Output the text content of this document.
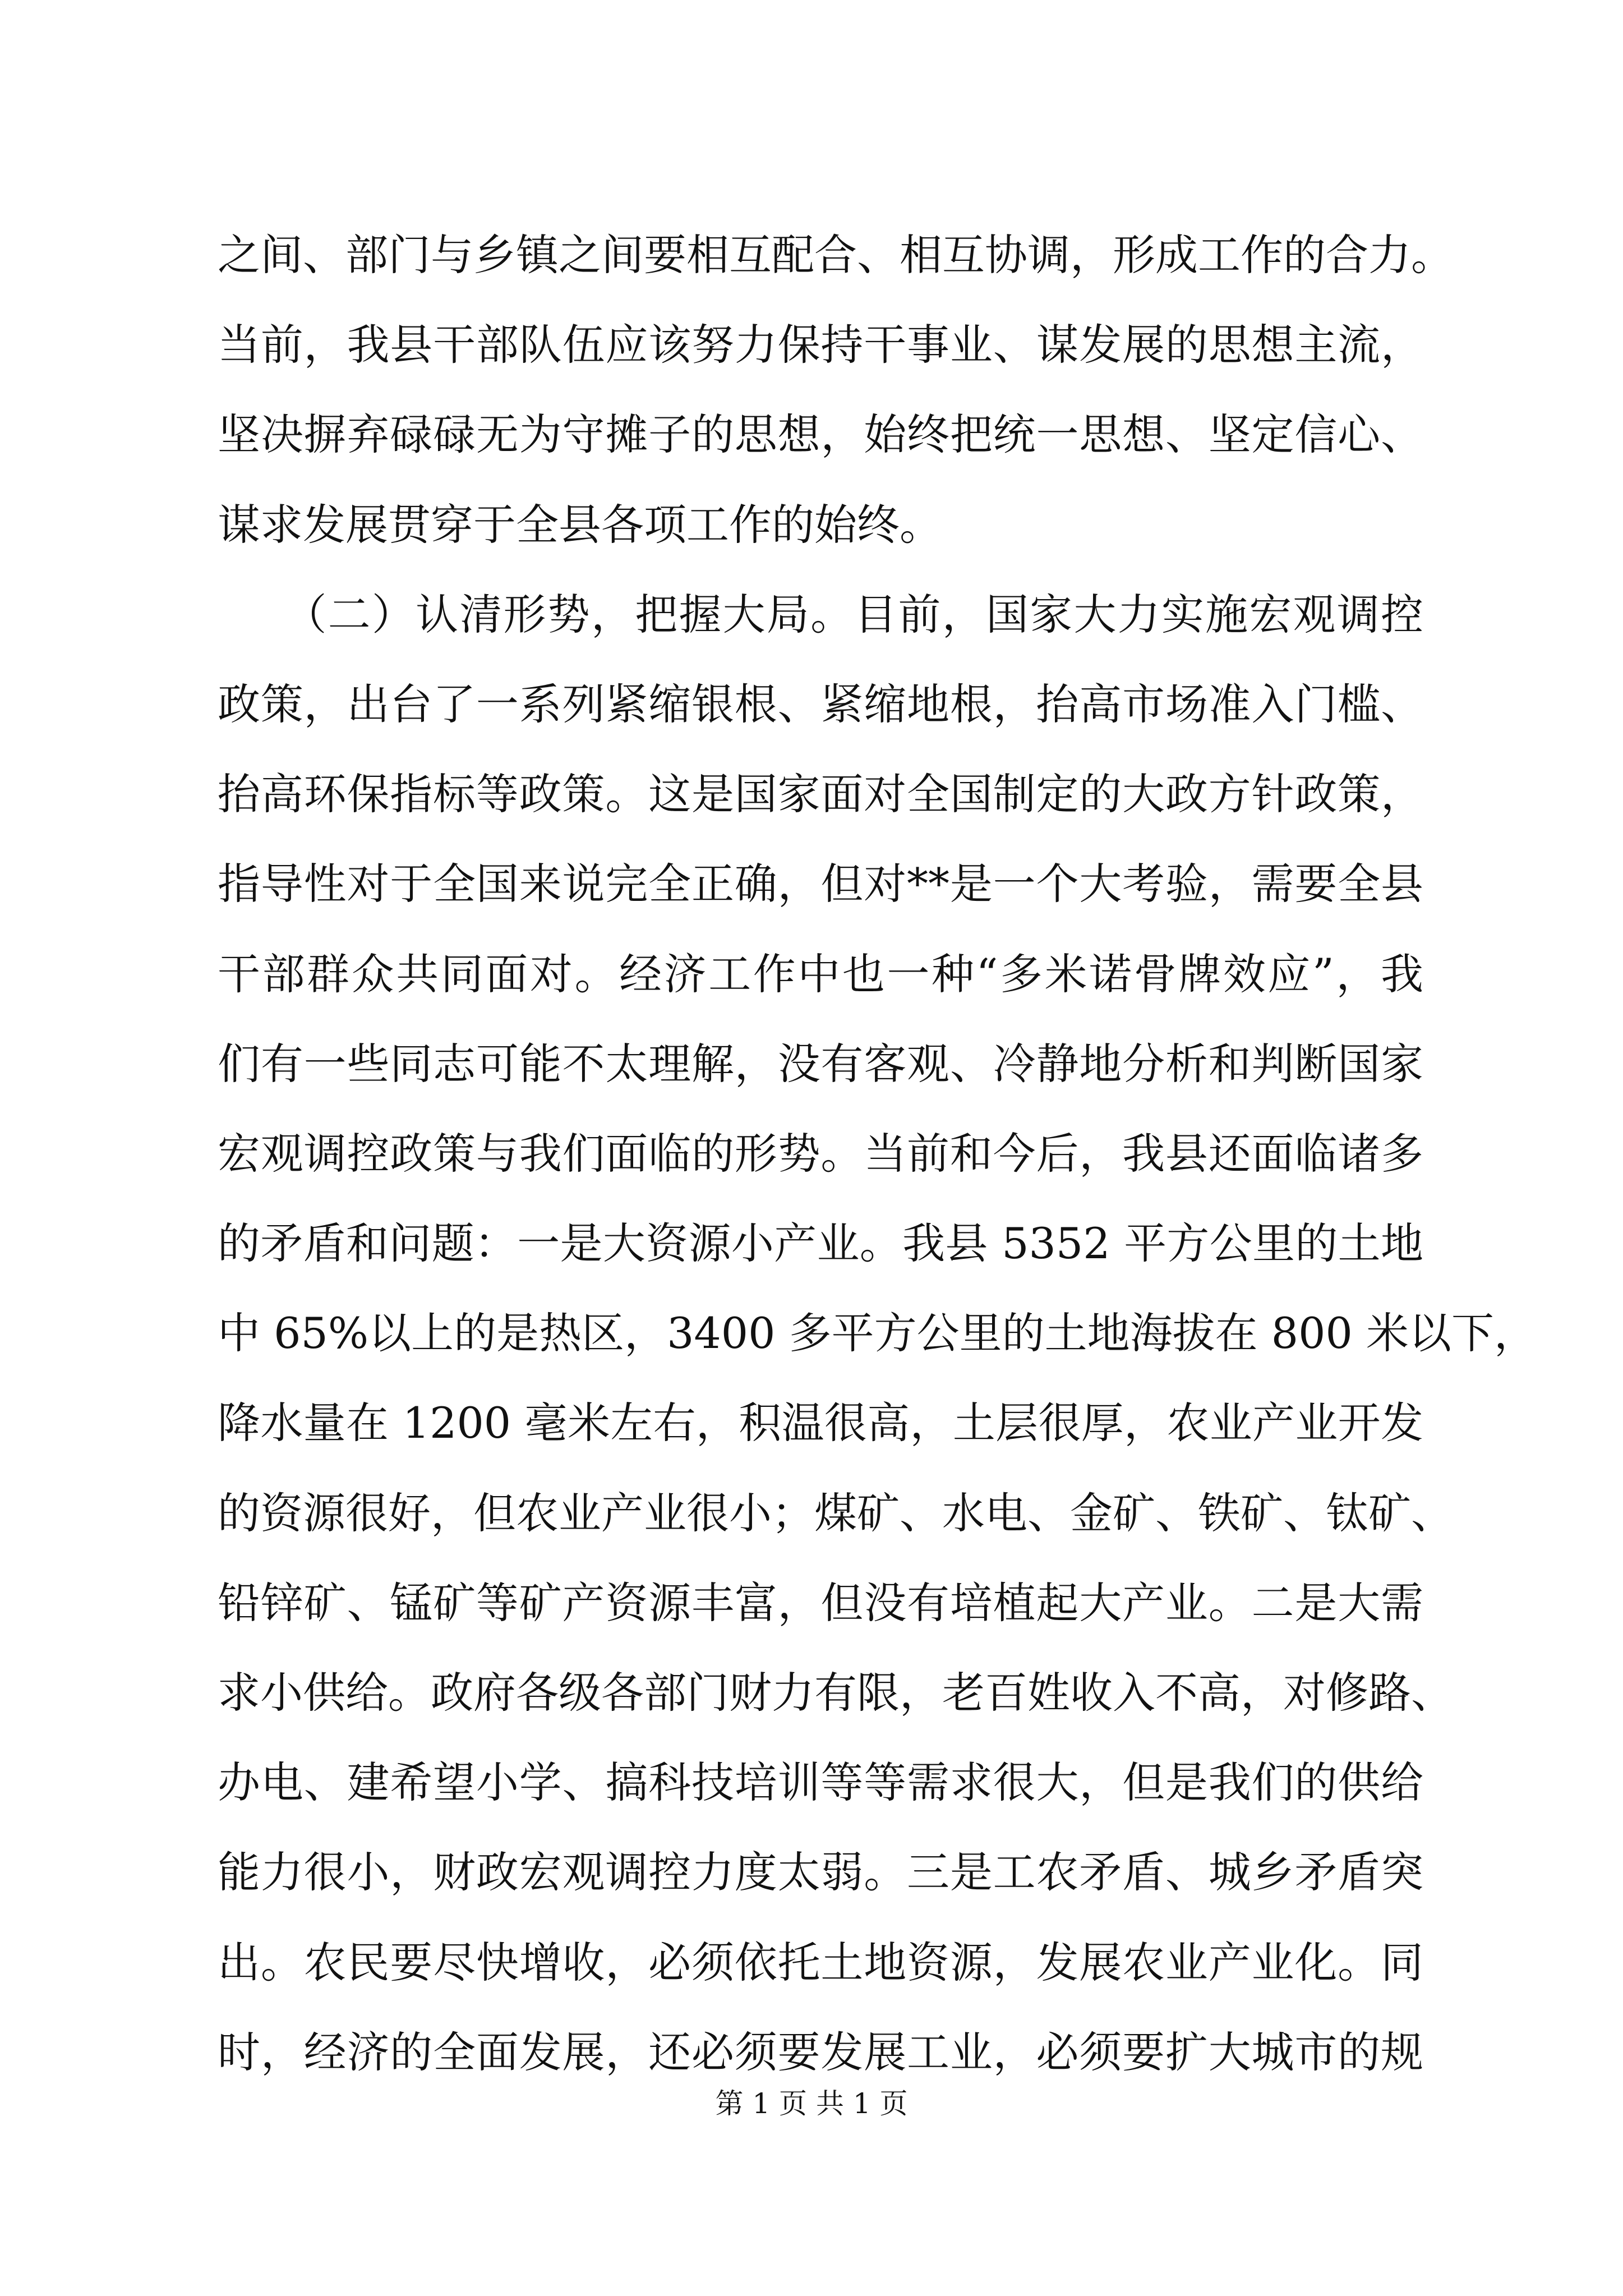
之间、部门与乡镇之间要相互配合、相互协调，形成工作的合力。
当前，我县干部队伍应该努力保持干事业、谋发展的思想主流，
坚决摒弃碌碌无为守摊子的思想，始终把统一思想、坚定信心、
谋求发展贯穿于全县各项工作的始终。
　　（二）认清形势，把握大局。目前，国家大力实施宏观调控
政策，出台了一系列紧缩银根、紧缩地根，抬高市场准入门槛、
抬高环保指标等政策。这是国家面对全国制定的大政方针政策，
指导性对于全国来说完全正确，但对**是一个大考验，需要全县
干部群众共同面对。经济工作中也一种“多米诺骨牌效应”，我
们有一些同志可能不太理解，没有客观、冷静地分析和判断国家
宏观调控政策与我们面临的形势。当前和今后，我县还面临诸多
的矛盾和问题：一是大资源小产业。我县 5352 平方公里的土地
中 65%以上的是热区，3400 多平方公里的土地海拔在 800 米以下，
降水量在 1200 毫米左右，积温很高，土层很厚，农业产业开发
的资源很好，但农业产业很小；煤矿、水电、金矿、铁矿、钛矿、
铅锌矿、锰矿等矿产资源丰富，但没有培植起大产业。二是大需
求小供给。政府各级各部门财力有限，老百姓收入不高，对修路、
办电、建希望小学、搞科技培训等等需求很大，但是我们的供给
能力很小，财政宏观调控力度太弱。三是工农矛盾、城乡矛盾突
出。农民要尽快增收，必须依托土地资源，发展农业产业化。同
时，经济的全面发展，还必须要发展工业，必须要扩大城市的规
第 1 页 共 1 页
